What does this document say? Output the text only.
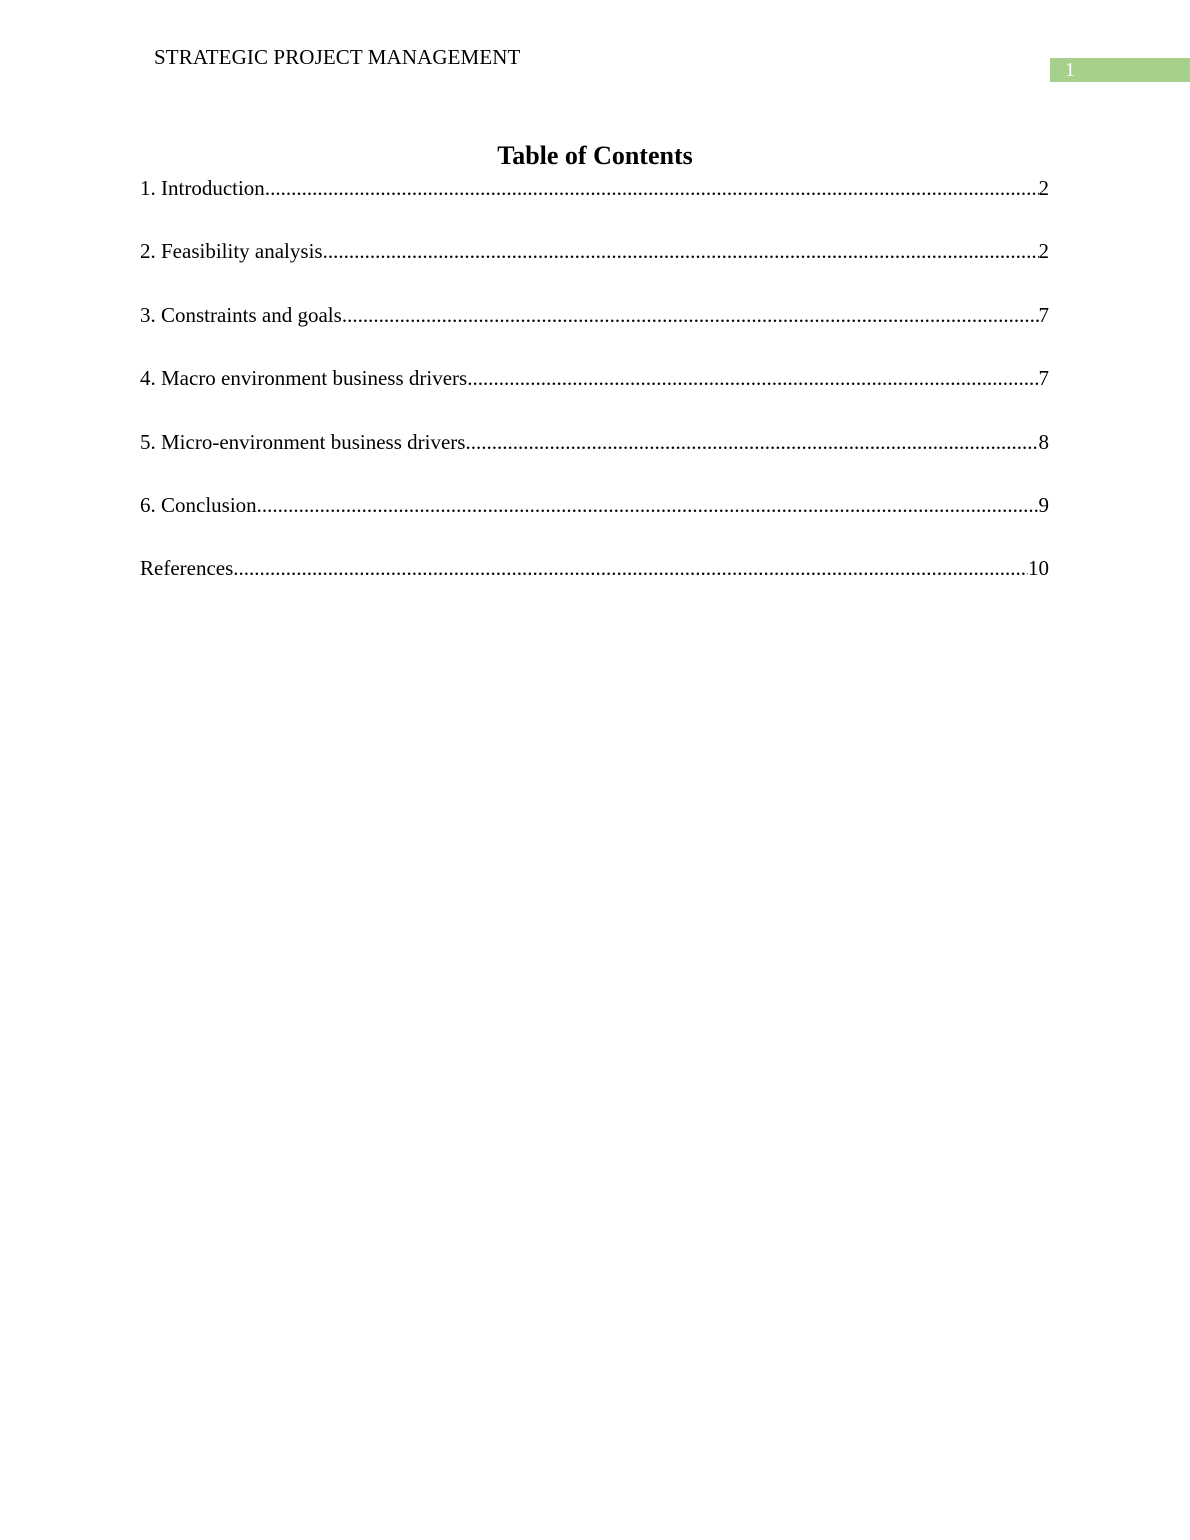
STRATEGIC PROJECT MANAGEMENT
1
Table of Contents
1. Introduction .....	2
2. Feasibility analysis .....	2
3. Constraints and goals .....	7
4. Macro environment business drivers .....	7
5. Micro-environment business drivers .....	8
6. Conclusion .....	9
References .....	10
